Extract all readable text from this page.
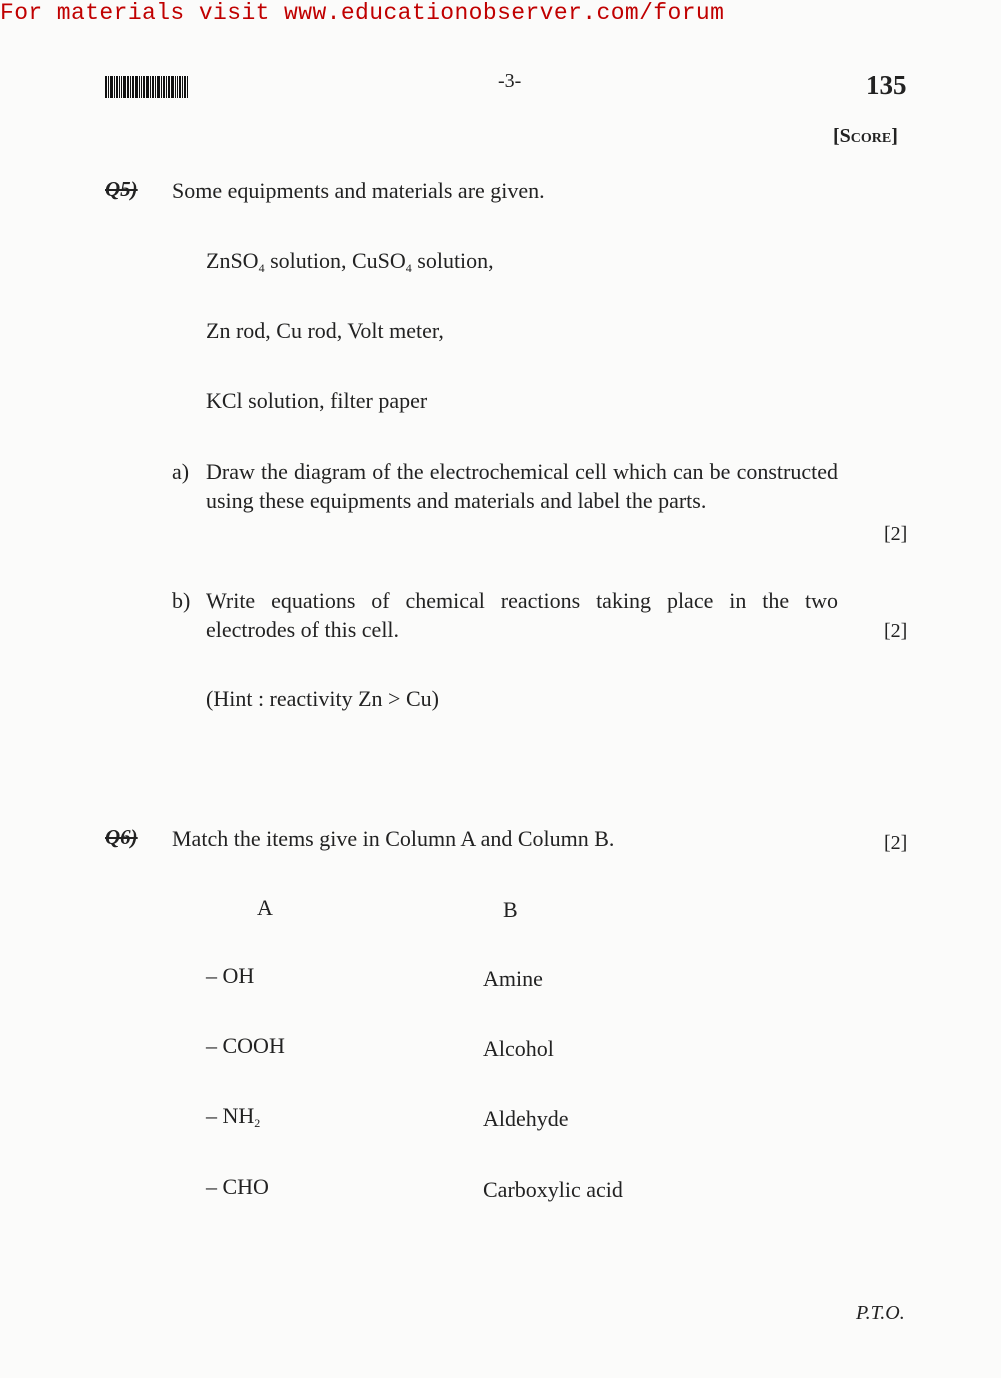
For materials visit www.educationobserver.com/forum
-3-	135
[Score]
Q5) Some equipments and materials are given.
ZnSO$_4$ solution, CuSO$_4$ solution,
Zn rod, Cu rod, Volt meter,
KCl solution, filter paper
a) Draw the diagram of the electrochemical cell which can be constructed using these equipments and materials and label the parts.
[2]
b) Write equations of chemical reactions taking place in the two electrodes of this cell.	[2]
(Hint : reactivity Zn > Cu)
Q6) Match the items give in Column A and Column B.	[2]
A	B
– OH	Amine
– COOH	Alcohol
– $NH_2$	Aldehyde
– CHO	Carboxylic acid
P.T.O.
